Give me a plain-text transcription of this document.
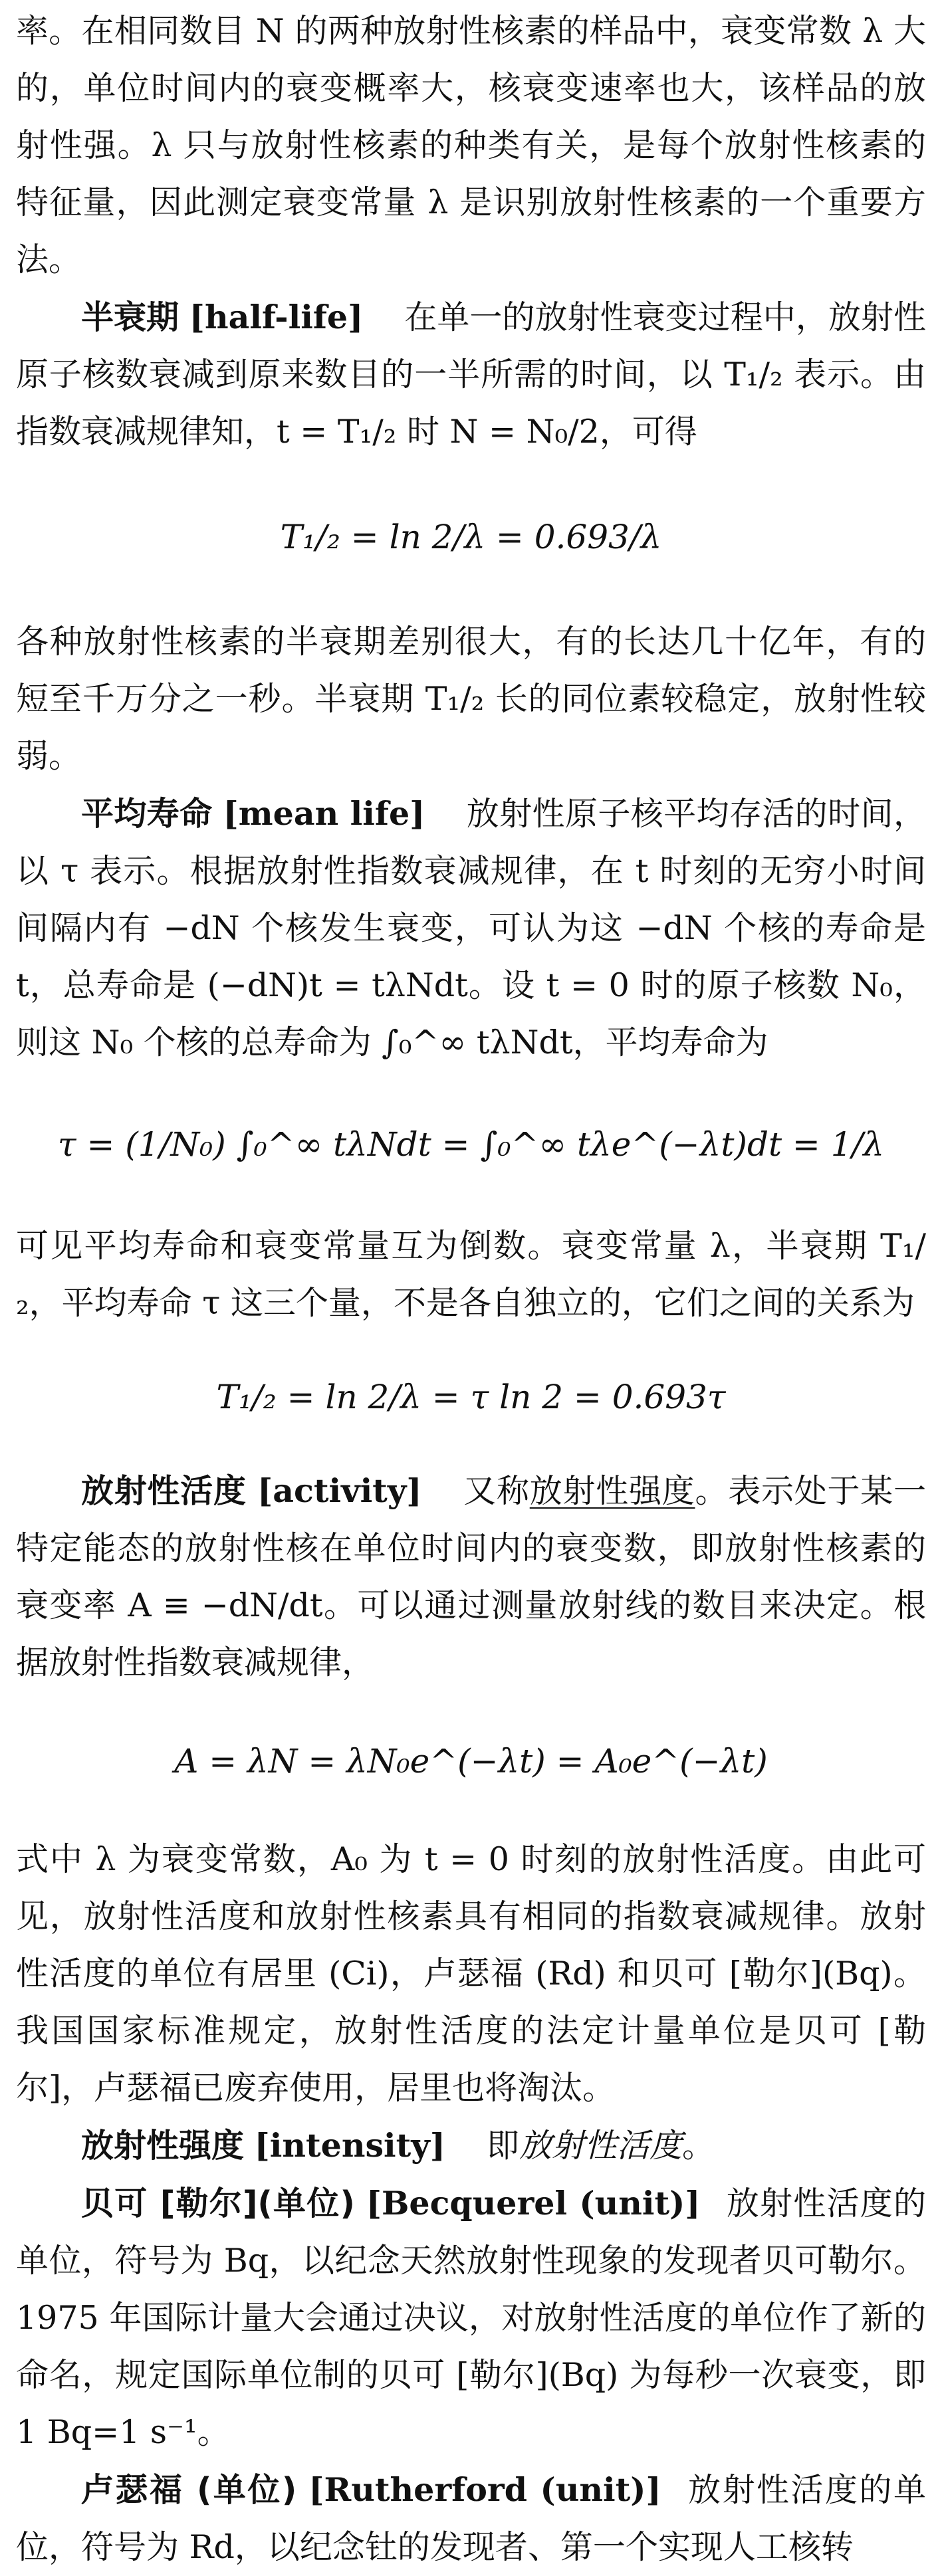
率。在相同数目 N 的两种放射性核素的样品中，衰变常数 λ 大的，单位时间内的衰变概率大，核衰变速率也大，该样品的放射性强。λ 只与放射性核素的种类有关，是每个放射性核素的特征量，因此测定衰变常量 λ 是识别放射性核素的一个重要方法。

半衰期 [half-life] 在单一的放射性衰变过程中，放射性原子核数衰减到原来数目的一半所需的时间，以 T₁/₂ 表示。由指数衰减规律知，t = T₁/₂ 时 N = N₀/2，可得

T₁/₂ = ln 2/λ = 0.693/λ

各种放射性核素的半衰期差别很大，有的长达几十亿年，有的短至千万分之一秒。半衰期 T₁/₂ 长的同位素较稳定，放射性较弱。

平均寿命 [mean life] 放射性原子核平均存活的时间，以 τ 表示。根据放射性指数衰减规律，在 t 时刻的无穷小时间间隔内有 −dN 个核发生衰变，可认为这 −dN 个核的寿命是 t，总寿命是 (−dN)t = tλNdt。设 t = 0 时的原子核数 N₀，则这 N₀ 个核的总寿命为 ∫₀^∞ tλNdt，平均寿命为

τ = (1/N₀) ∫₀^∞ tλNdt = ∫₀^∞ tλe^(−λt)dt = 1/λ

可见平均寿命和衰变常量互为倒数。衰变常量 λ，半衰期 T₁/₂，平均寿命 τ 这三个量，不是各自独立的，它们之间的关系为

T₁/₂ = ln 2/λ = τ ln 2 = 0.693τ

放射性活度 [activity] 又称放射性强度。表示处于某一特定能态的放射性核在单位时间内的衰变数，即放射性核素的衰变率 A ≡ −dN/dt。可以通过测量放射线的数目来决定。根据放射性指数衰减规律，

A = λN = λN₀e^(−λt) = A₀e^(−λt)

式中 λ 为衰变常数，A₀ 为 t = 0 时刻的放射性活度。由此可见，放射性活度和放射性核素具有相同的指数衰减规律。放射性活度的单位有居里 (Ci)，卢瑟福 (Rd) 和贝可 [勒尔](Bq)。我国国家标准规定，放射性活度的法定计量单位是贝可 [勒尔]，卢瑟福已废弃使用，居里也将淘汰。

放射性强度 [intensity] 即放射性活度。

贝可 [勒尔](单位) [Becquerel (unit)] 放射性活度的单位，符号为 Bq，以纪念天然放射性现象的发现者贝可勒尔。1975 年国际计量大会通过决议，对放射性活度的单位作了新的命名，规定国际单位制的贝可 [勒尔](Bq) 为每秒一次衰变，即 1 Bq=1 s⁻¹。

卢瑟福 (单位) [Rutherford (unit)] 放射性活度的单位，符号为 Rd，以纪念钍的发现者、第一个实现人工核转
